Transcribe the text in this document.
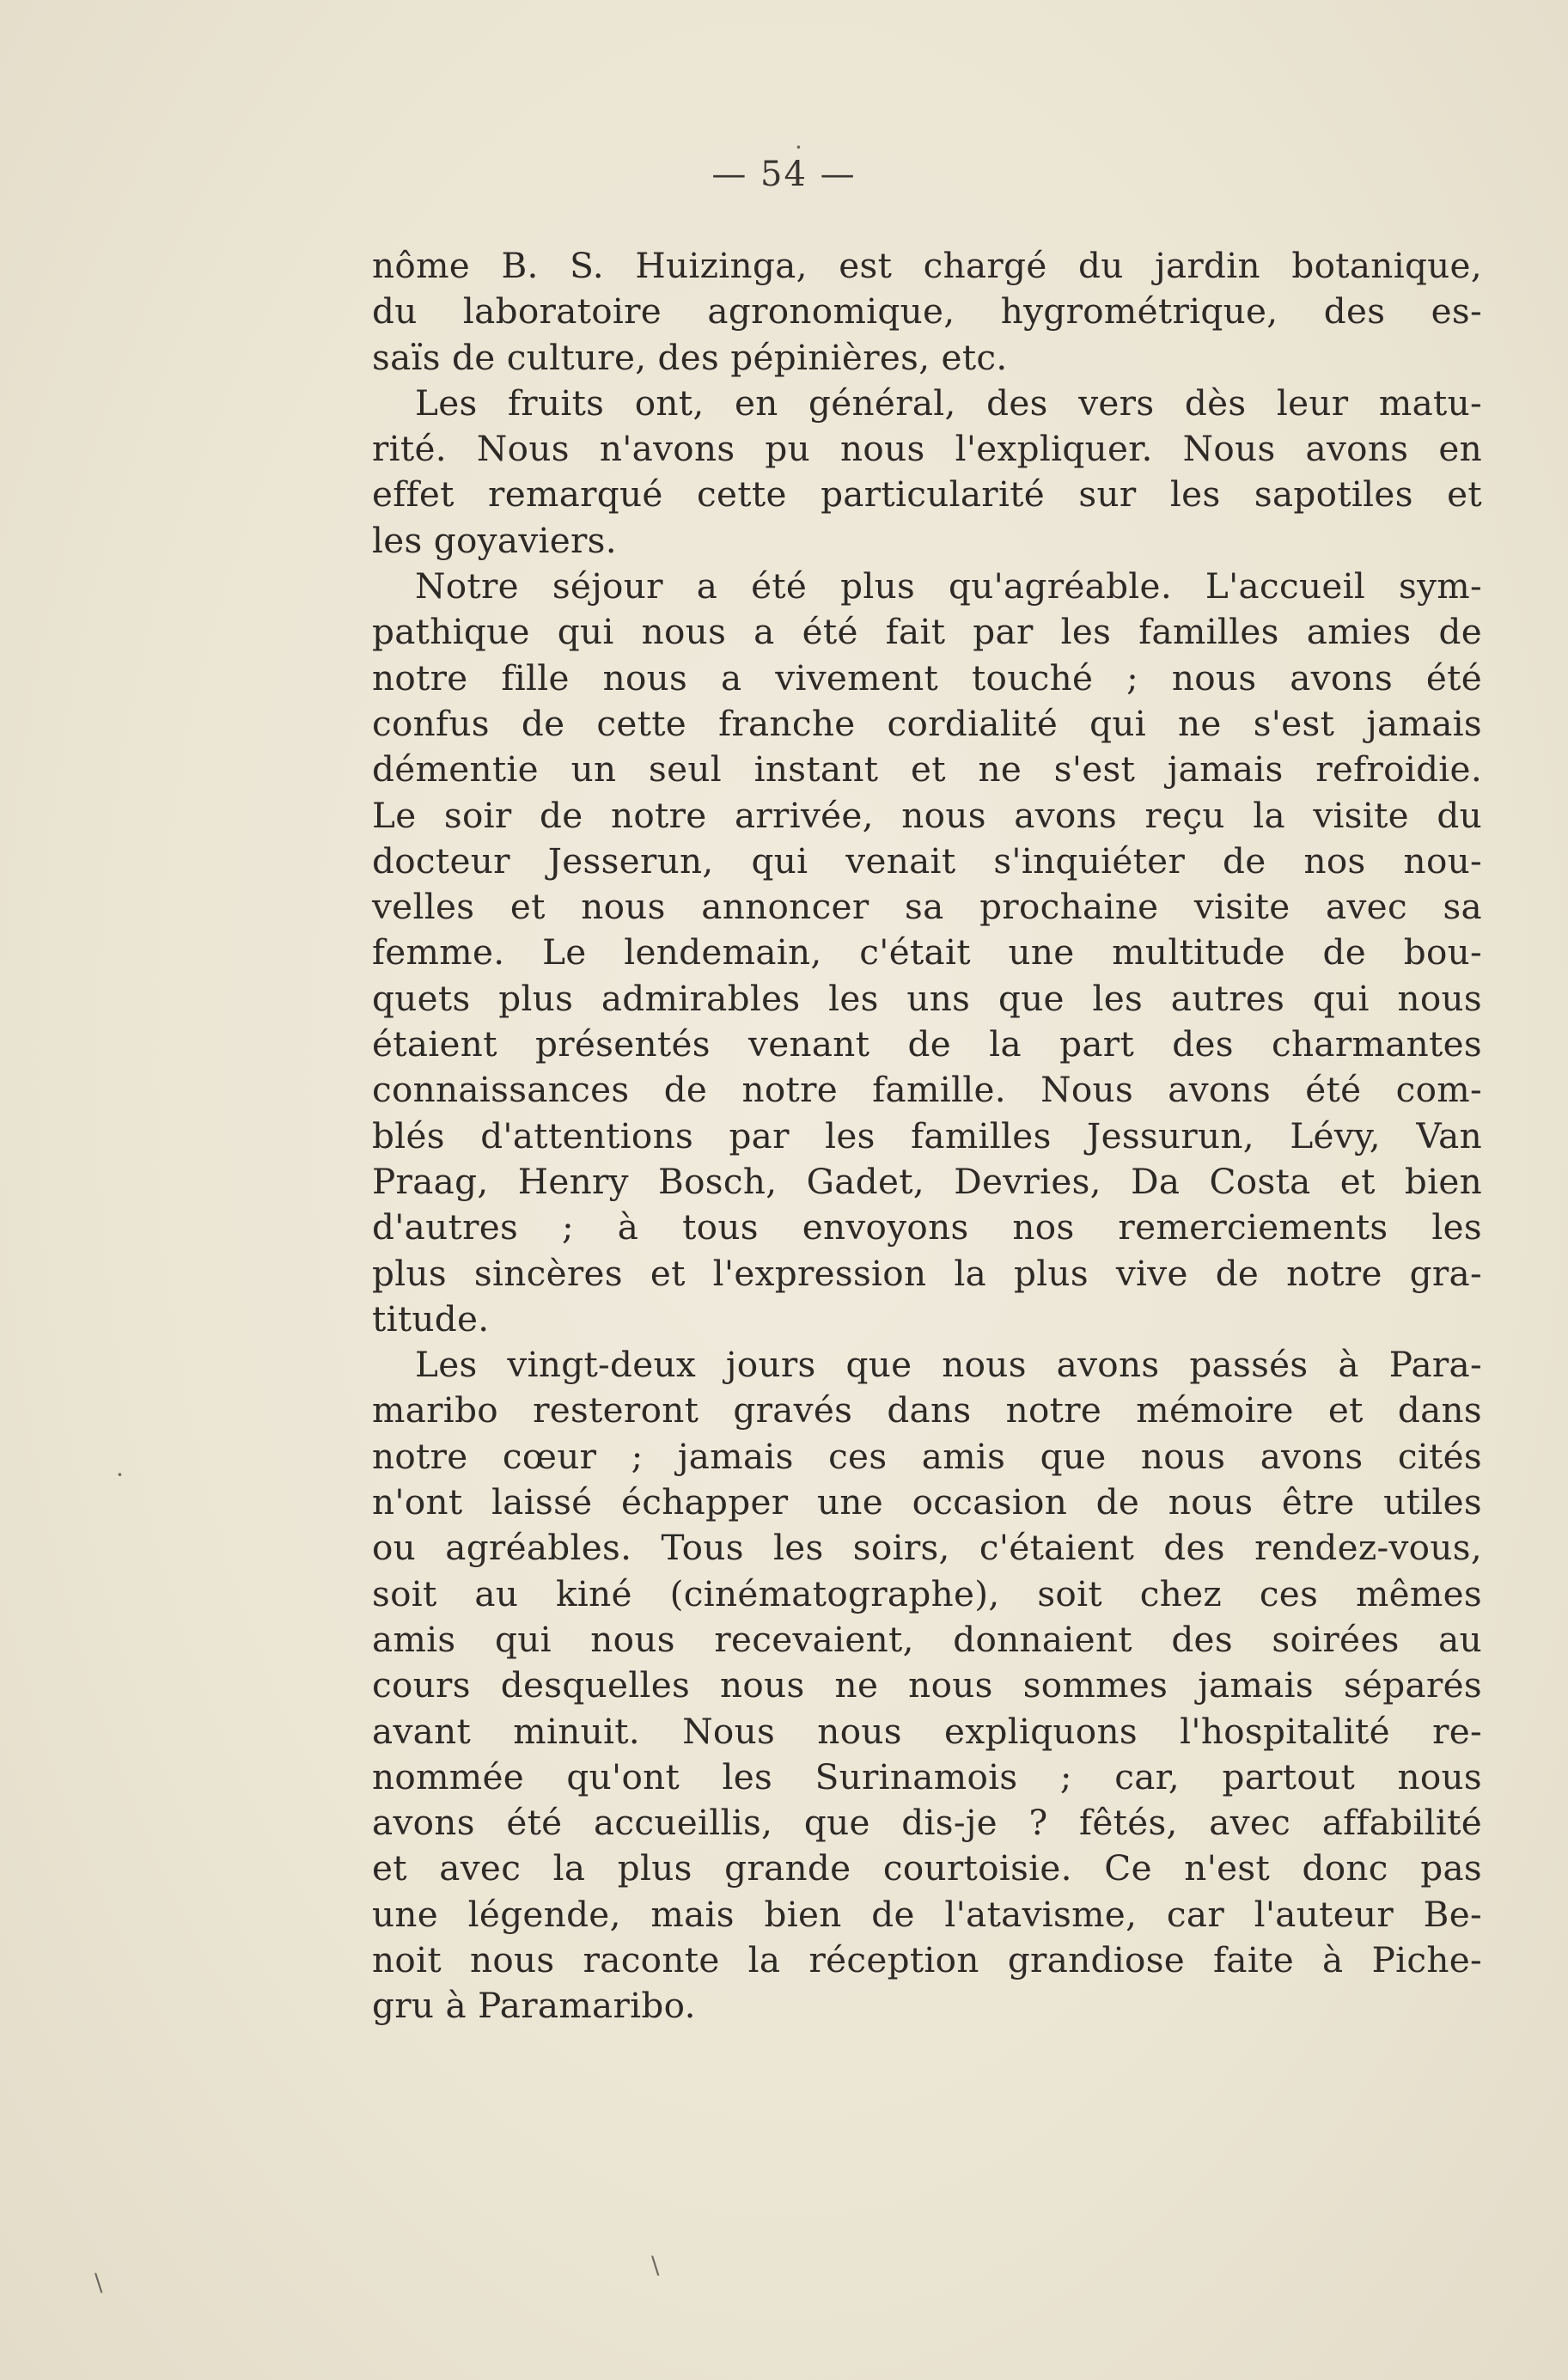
— 54 —
nôme B. S. Huizinga, est chargé du jardin botanique,
du laboratoire agronomique, hygrométrique, des es-
saïs de culture, des pépinières, etc.
Les fruits ont, en général, des vers dès leur matu-
rité. Nous n'avons pu nous l'expliquer. Nous avons en
effet remarqué cette particularité sur les sapotiles et
les goyaviers.
Notre séjour a été plus qu'agréable. L'accueil sym-
pathique qui nous a été fait par les familles amies de
notre fille nous a vivement touché ; nous avons été
confus de cette franche cordialité qui ne s'est jamais
démentie un seul instant et ne s'est jamais refroidie.
Le soir de notre arrivée, nous avons reçu la visite du
docteur Jesserun, qui venait s'inquiéter de nos nou-
velles et nous annoncer sa prochaine visite avec sa
femme. Le lendemain, c'était une multitude de bou-
quets plus admirables les uns que les autres qui nous
étaient présentés venant de la part des charmantes
connaissances de notre famille. Nous avons été com-
blés d'attentions par les familles Jessurun, Lévy, Van
Praag, Henry Bosch, Gadet, Devries, Da Costa et bien
d'autres ; à tous envoyons nos remerciements les
plus sincères et l'expression la plus vive de notre gra-
titude.
Les vingt-deux jours que nous avons passés à Para-
maribo resteront gravés dans notre mémoire et dans
notre cœur ; jamais ces amis que nous avons cités
n'ont laissé échapper une occasion de nous être utiles
ou agréables. Tous les soirs, c'étaient des rendez-vous,
soit au kiné (cinématographe), soit chez ces mêmes
amis qui nous recevaient, donnaient des soirées au
cours desquelles nous ne nous sommes jamais séparés
avant minuit. Nous nous expliquons l'hospitalité re-
nommée qu'ont les Surinamois ; car, partout nous
avons été accueillis, que dis-je ? fêtés, avec affabilité
et avec la plus grande courtoisie. Ce n'est donc pas
une légende, mais bien de l'atavisme, car l'auteur Be-
noit nous raconte la réception grandiose faite à Piche-
gru à Paramaribo.
·
·
\
\
